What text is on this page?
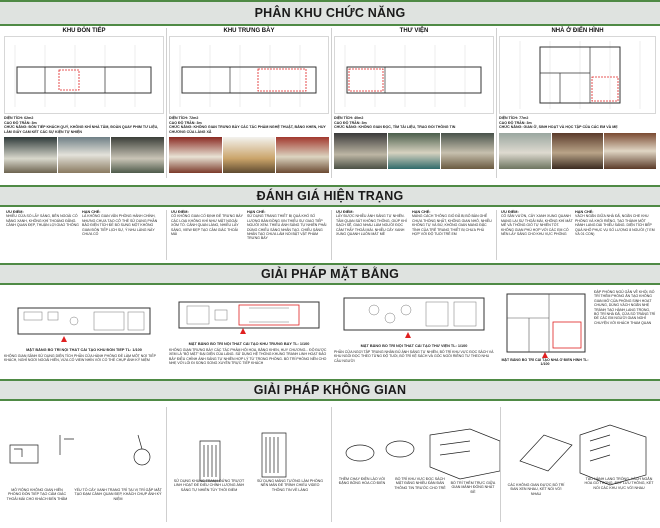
PHÂN KHU CHỨC NĂNG
KHU ĐÓN TIẾP
DIỆN TÍCH: 62m2
CAO ĐỘ TRẦN: 3m
CHỨC NĂNG: ĐÓN TIẾP KHÁCH QUÝ, KHÔNG KHÍ NHÀ TÂM, ĐOÀN QUAY PHIM TƯ LIỆU, LÀM GIẤY CAM KẾT CÁC SỰ KIỆN TỰ NHIỆN
KHU TRƯNG BÀY
DIỆN TÍCH: 72m2
CAO ĐỘ TRẦN: 3m
CHỨC NĂNG: KHÔNG GIAN TRƯNG BÀY CÁC TÁC PHẨM NGHỆ THUẬT, BẰNG KHEN, HUY CHƯƠNG CỦA LÀNG XÃ
THƯ VIỆN
DIỆN TÍCH: 40m2
CAO ĐỘ TRẦN: 3m
CHỨC NĂNG: KHÔNG GIAN ĐỌC, TÌM TÀI LIỆU, TRAO ĐỔI THÔNG TIN
NHÀ Ở ĐIỂN HÌNH
DIỆN TÍCH: 77m2
CAO ĐỘ TRẦN: 3m
CHỨC NĂNG: GIAN Ở, SINH HOẠT VÀ HỌC TẬP CỦA CÁC EM VÀ MẸ
ĐÁNH GIÁ HIỆN TRẠNG
ƯU ĐIỂM:
NHIỀU CỬA SỔ LẤY SÁNG, BÊN NGOÀI CÓ NẮNG XANH, KHÔNG KHÍ THOÁNG ĐÃNG. CẢNH QUAN ĐẸP, THUẬN LỢI GIAO THÔNG
HẠN CHẾ:
LÀ KHÔNG GIAN VĂN PHÒNG HÀNH CHÍNH, NHƯNG CHƯA TẠO CỞ THỂ SỬ DỤNG PHẦN BẢO ĐIỆN TÍCH ĐỂ BỔ SUNG MỘT KHÔNG GIAN ĐÓN TIẾP LỊCH SỰ, Ý NHU LÀNG NÀY CHƯA CÓ
ƯU ĐIỂM:
CÓ KHÔNG GIAN CỐ ĐỊNH ĐỂ TRƯNG BÀY CÁC LOẠI KHÔNG KHÍ NHƯ MẶT NGOÀI XÓM TỔ. CẢNH QUAN LÀNG, NHIỀU LẤY SÁNG, VIEW ĐẸP TẠO CẢM GIÁC THOẢI MÁI
HẠN CHẾ:
SỬ DỤNG TRANG THIẾT BỊ QUÁ KHỐ SỐ LƯỢNG BẢN ĐỒNG XIN THIẾU SỰ GIAO TIẾP NGƯỜI XEM. THIẾU ÁNH SÁNG TỰ NHIÊN PHẢI DÙNG CHIẾU SÁNG NHÂN TẠO. CHIẾU SÁNG NHÂN TẠO CHƯA LÀM NỔI BẬT VẬT PHẨM TRƯNG BÀY
ƯU ĐIỂM:
LẤY ĐƯỢC NHIỀU ÁNH SÁNG TỰ NHIÊN. TẦM QUAN SÁT KHÔNG THÔNG, GIÚP KHÍ SẠCH SẼ, GIAO NHAU LÀM NGƯỜI ĐỌC CẢM THẤY THOẢI MÁI. NHIỀU CÂY XANH XUNG QUANH LUÔN MÁT MẺ
HẠN CHẾ:
MANG CÁCH THÔNG GIÓ ĐÃ BỊ BỎ BÀN GHẾ CHƯA THỐNG NHẤT, KHÔNG GIAN NHỎ, NHIỀU KHÔNG TỰ VÀ ĐỦ, KHÔNG GIAN MANG ĐẶC TÍNH CỦA TRẺ TRANG THIẾT BỊ CHƯA PHÙ HỢP VỚI ĐỘ TUỔI TRẺ EM
ƯU ĐIỂM:
CÓ SÂN VƯỜN, CÂY XANH XUNG QUANH MANG LẠI SỰ THOẢI MÁI, KHÔNG KHÍ MÁT MẺ VÀ THÔNG GIÓ TỰ NHIÊN TỐT. KHÔNG GIAN PHÙ HỢP VỚI CÁC EM CÓ NÊN LẤY SÁNG CHO KHU VỰC PHÒNG
HẠN CHẾ:
VÁCH NGĂN GIỮA NHÀ ĐÃ, NGĂN CHE KHU PHÒNG VÀ KHỐI RIÊNG, TẠO THÀNH MỘT HÀNH LANG DÀI THIẾU SÁNG. DIỆN TÍCH BẾP QUÁ NHỎ PHỤC VỤ SỐ LƯỢNG 8 NGƯỜI (7 EM VÀ 01 CON)
GIẢI PHÁP MẶT BẰNG
MẶT BẰNG BỐ TRÍ NỘI THẤT CẢI TẠO KHU ĐÓN TIẾP TL: 1/100
KHÔNG GIAN SẢNH SỬ DỤNG DIỆN TÍCH PHẦN CỬA HÀNH PHÒNG ĐỂ LÀM MỘT NƠI TIẾP KHÁCH, NGHỈ NGƠI NGOÀI HIÊN, VỪA CÓ VIEW NHÌN VỚI CỔ THỂ CHỤP ẢNH KỶ NIỆM
MẶT BẰNG BỐ TRÍ NỘI THẤT CẢI TẠO KHU TRƯNG BÀY TL: 1/100
KHÔNG GIAN TRƯNG BÀY CÁC TÁC PHẨM HỘI HỌA, BẰNG KHEN, HUY CHƯƠNG... ĐỘ ĐƯỢC XEM LÀ "BỘ MẶT" ĐẠI DIỆN CỦA LÀNG. SỬ DỤNG HỆ THỐNG KHUNG TRANH LINH HOẠT ĐẢO BẢY ĐIỀU CHỈNH ÁNH SÁNG TỰ NHIÊN HỢP LÝ TỪ TRONG PHÒNG. BỔ TRÍ PHÒNG NÊN CHO NHẸ VỚI LỐI ĐI SONG SONG XUYÊN TRỰC TIẾP KHÁCH
MẶT BẰNG BỐ TRÍ NỘI THẤT CẢI TẠO THƯ VIỆN TL: 1/100
PHẦN CỬA NGỢI TẬP TRUNG NHÂN ĐỦ ÁNH SÁNG TỰ NHIÊN. BỐ TRÍ KHU VỰC ĐỌC SÁCH VÀ KHU NGỒI ĐỌC THEO TỪNG ĐỘ TUỔI, BỐ TRÍ KỆ SÁCH VÀ GÓC NGỒI RIÊNG TƯ THEO NHU CẦU NGƯỜI	MẶT BẰNG BỐ TRÍ CẢI TẠO NHÀ Ở ĐIỂN HÌNH TL: 1/100
ĐẬP PHÒNG NGỦ GẦN VỀ KHỐI, BỐ TRÍ THÊM PHÒNG ĂN TẠO KHÔNG GIAN MỞ CỦA PHÒNG SINH HOẠT CHUNG, DÙNG VÁCH NGĂN NHẸ TRÁNH TẠO HÀNH LANG TRONG, BỐ TRÍ NHÀ ĐÃ, CỬA SỔ TRÁNG TRÍ ĐỂ CÁC EM NGƯỜI GIAN NGHỈ CHUYỆN VỚI KHÁCH THAM QUAN
GIẢI PHÁP KHÔNG GIAN
MỞ RỘNG KHÔNG GIAN HIÊN PHÒNG ĐÓN TIẾP TẠO CẢM GIÁC THOẢI MÁI CHO KHÁCH ĐẾN THĂM
YẾU TỐ CÂY XANH TRANG TRÍ TẠI VỊ TRÍ GẶP MẶT TẠO ĐẠM CẢNH QUAN ĐẸP, KHÁCH CHỤP ẢNH KỶ NIỆM
SỬ DỤNG KHUNG TRANH ĐỨNG TRƯỢT LINH HOẠT ĐỂ ĐIỀU CHỈNH LƯỢNG ÁNH SÁNG TỰ NHIÊN TÙY THỜI ĐIỂM
SỬ DỤNG MÀNG TƯỜNG LÀM PHÒNG NÊN MÀN ĐỂ TRÌNH CHIẾU VIDEO THÔNG TIN VỀ LÀNG
THÊM CHẠY ĐIỆN LÀO VỚI ĐẶNG BỒNG HOA CỔ ĐIỂN
BỔ TRÍ KHU VỰC ĐỌC SÁCH MẶT ĐẰNG NHIỀU ĐÀN ĐÀN THÔNG TIN TRƯỚC CHO TRẺ
BỔ TRÍ THÊM TRỰC GIỮA GIAN MẢNH ĐÓNG NHẤT ĐỀ
CÁC KHÔNG GIAN ĐƯỢC BỐ TRÍ ĐAN XEN NHAU, KẾT NỐI VỚI NHAU
TẠO HÀNH LANG TRỐNG, VÁCH NGĂN HOA GỖ TRONG, ĐẸP LƯU THÔNG, KẾT NỐI CÁC KHU VỰC VỚI NHAU
